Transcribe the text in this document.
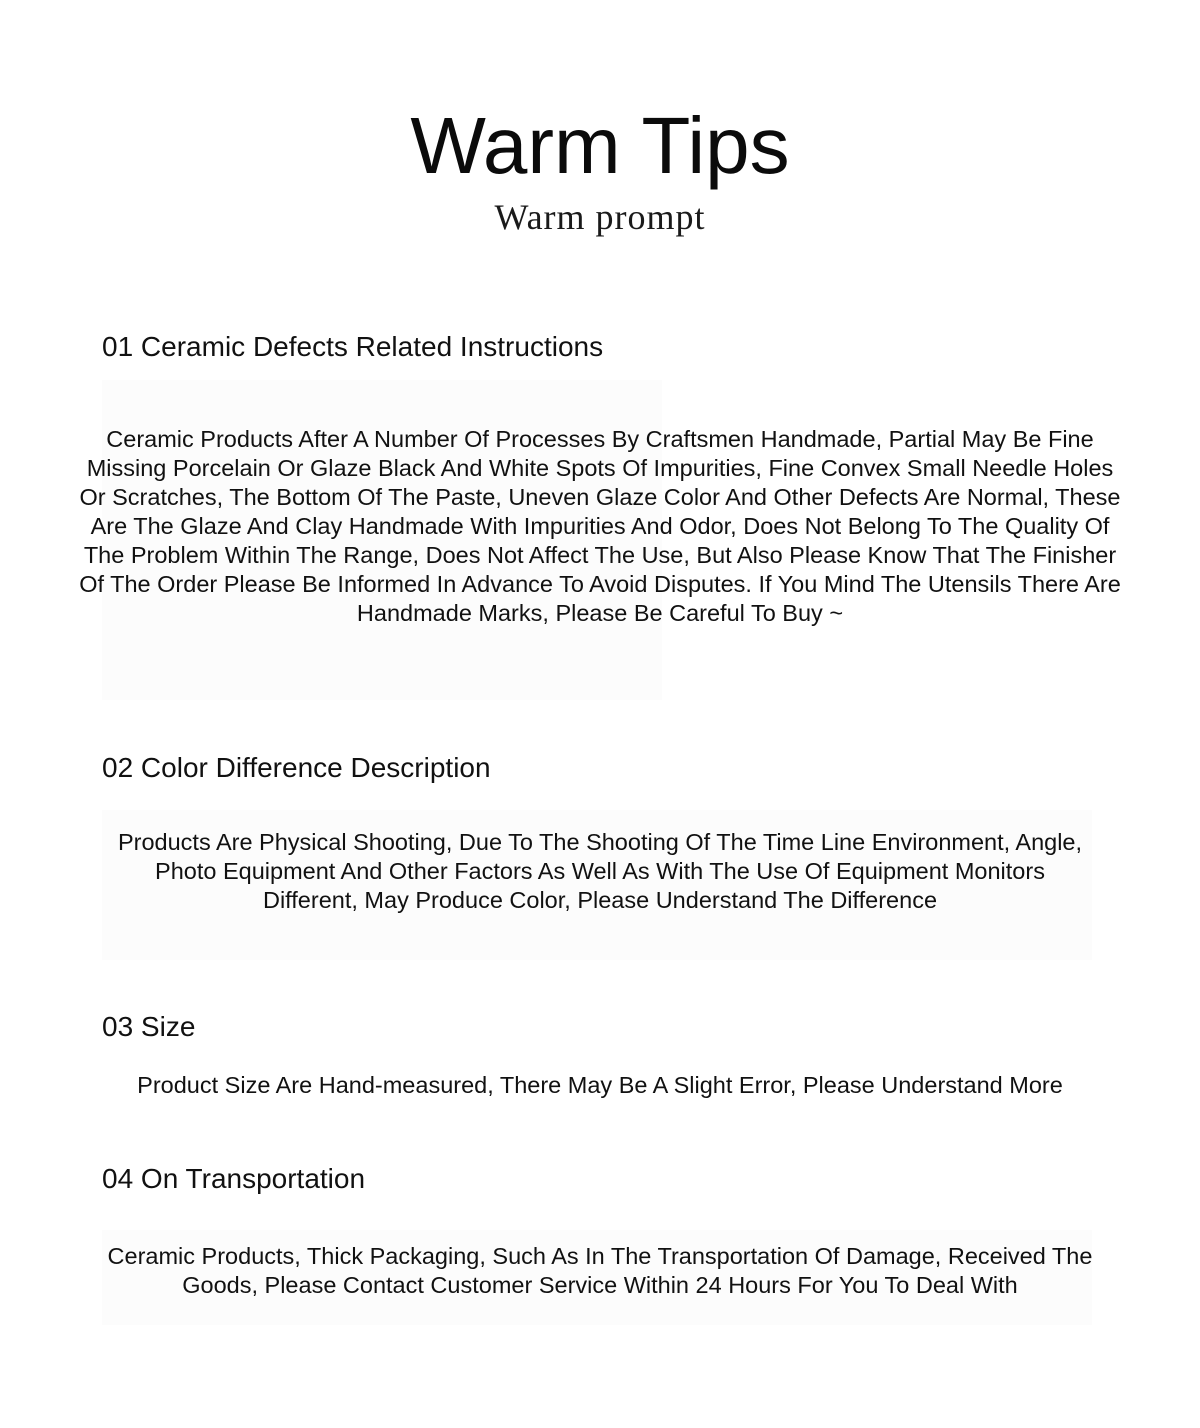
Warm Tips
Warm prompt
01 Ceramic Defects Related Instructions

Ceramic Products After A Number Of Processes By Craftsmen Handmade, Partial May Be Fine Missing Porcelain Or Glaze Black And White Spots Of Impurities, Fine Convex Small Needle Holes Or Scratches, The Bottom Of The Paste, Uneven Glaze Color And Other Defects Are Normal, These Are The Glaze And Clay Handmade With Impurities And Odor, Does Not Belong To The Quality Of The Problem Within The Range, Does Not Affect The Use, But Also Please Know That The Finisher Of The Order Please Be Informed In Advance To Avoid Disputes. If You Mind The Utensils There Are Handmade Marks, Please Be Careful To Buy ~

02 Color Difference Description

Products Are Physical Shooting, Due To The Shooting Of The Time Line Environment, Angle, Photo Equipment And Other Factors As Well As With The Use Of Equipment Monitors Different, May Produce Color, Please Understand The Difference

03 Size

Product Size Are Hand-measured, There May Be A Slight Error, Please Understand More

04 On Transportation

Ceramic Products, Thick Packaging, Such As In The Transportation Of Damage, Received The Goods, Please Contact Customer Service Within 24 Hours For You To Deal With
